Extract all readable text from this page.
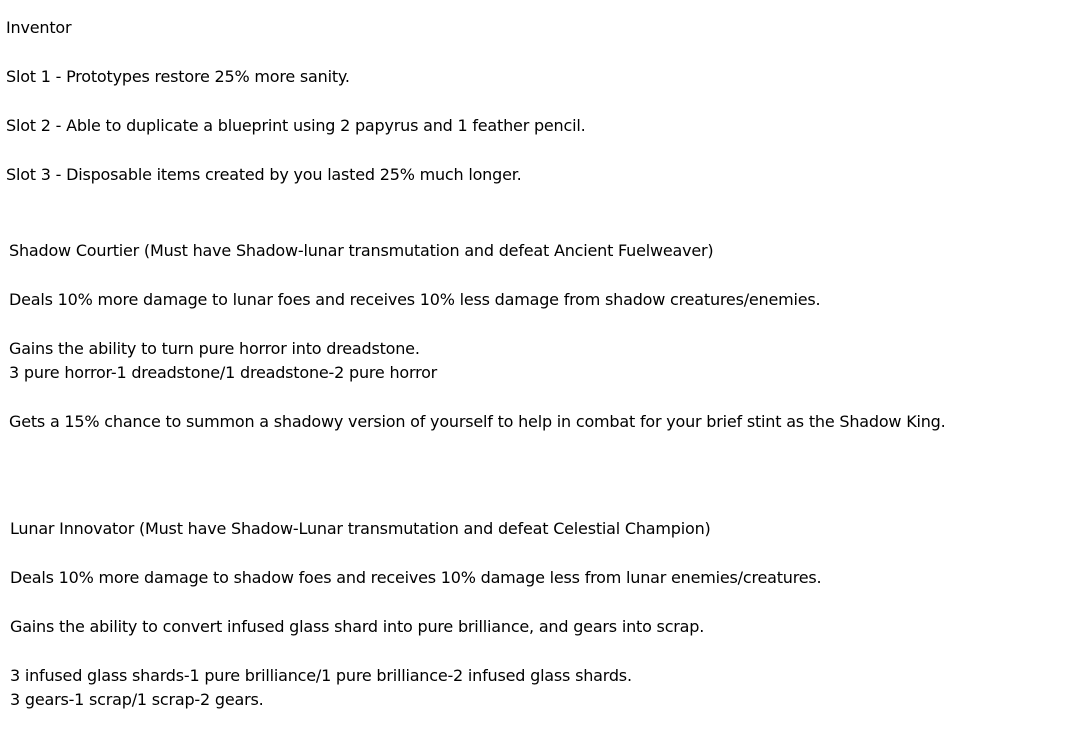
Inventor
Slot 1 - Prototypes restore 25% more sanity.
Slot 2 - Able to duplicate a blueprint using 2 papyrus and 1 feather pencil.
Slot 3 - Disposable items created by you lasted 25% much longer.
Shadow Courtier (Must have Shadow-lunar transmutation and defeat Ancient Fuelweaver)
Deals 10% more damage to lunar foes and receives 10% less damage from shadow creatures/enemies.
Gains the ability to turn pure horror into dreadstone.
3 pure horror-1 dreadstone/1 dreadstone-2 pure horror
Gets a 15% chance to summon a shadowy version of yourself to help in combat for your brief stint as the Shadow King.
Lunar Innovator (Must have Shadow-Lunar transmutation and defeat Celestial Champion)
Deals 10% more damage to shadow foes and receives 10% damage less from lunar enemies/creatures.
Gains the ability to convert infused glass shard into pure brilliance, and gears into scrap.
3 infused glass shards-1 pure brilliance/1 pure brilliance-2 infused glass shards.
3 gears-1 scrap/1 scrap-2 gears.
